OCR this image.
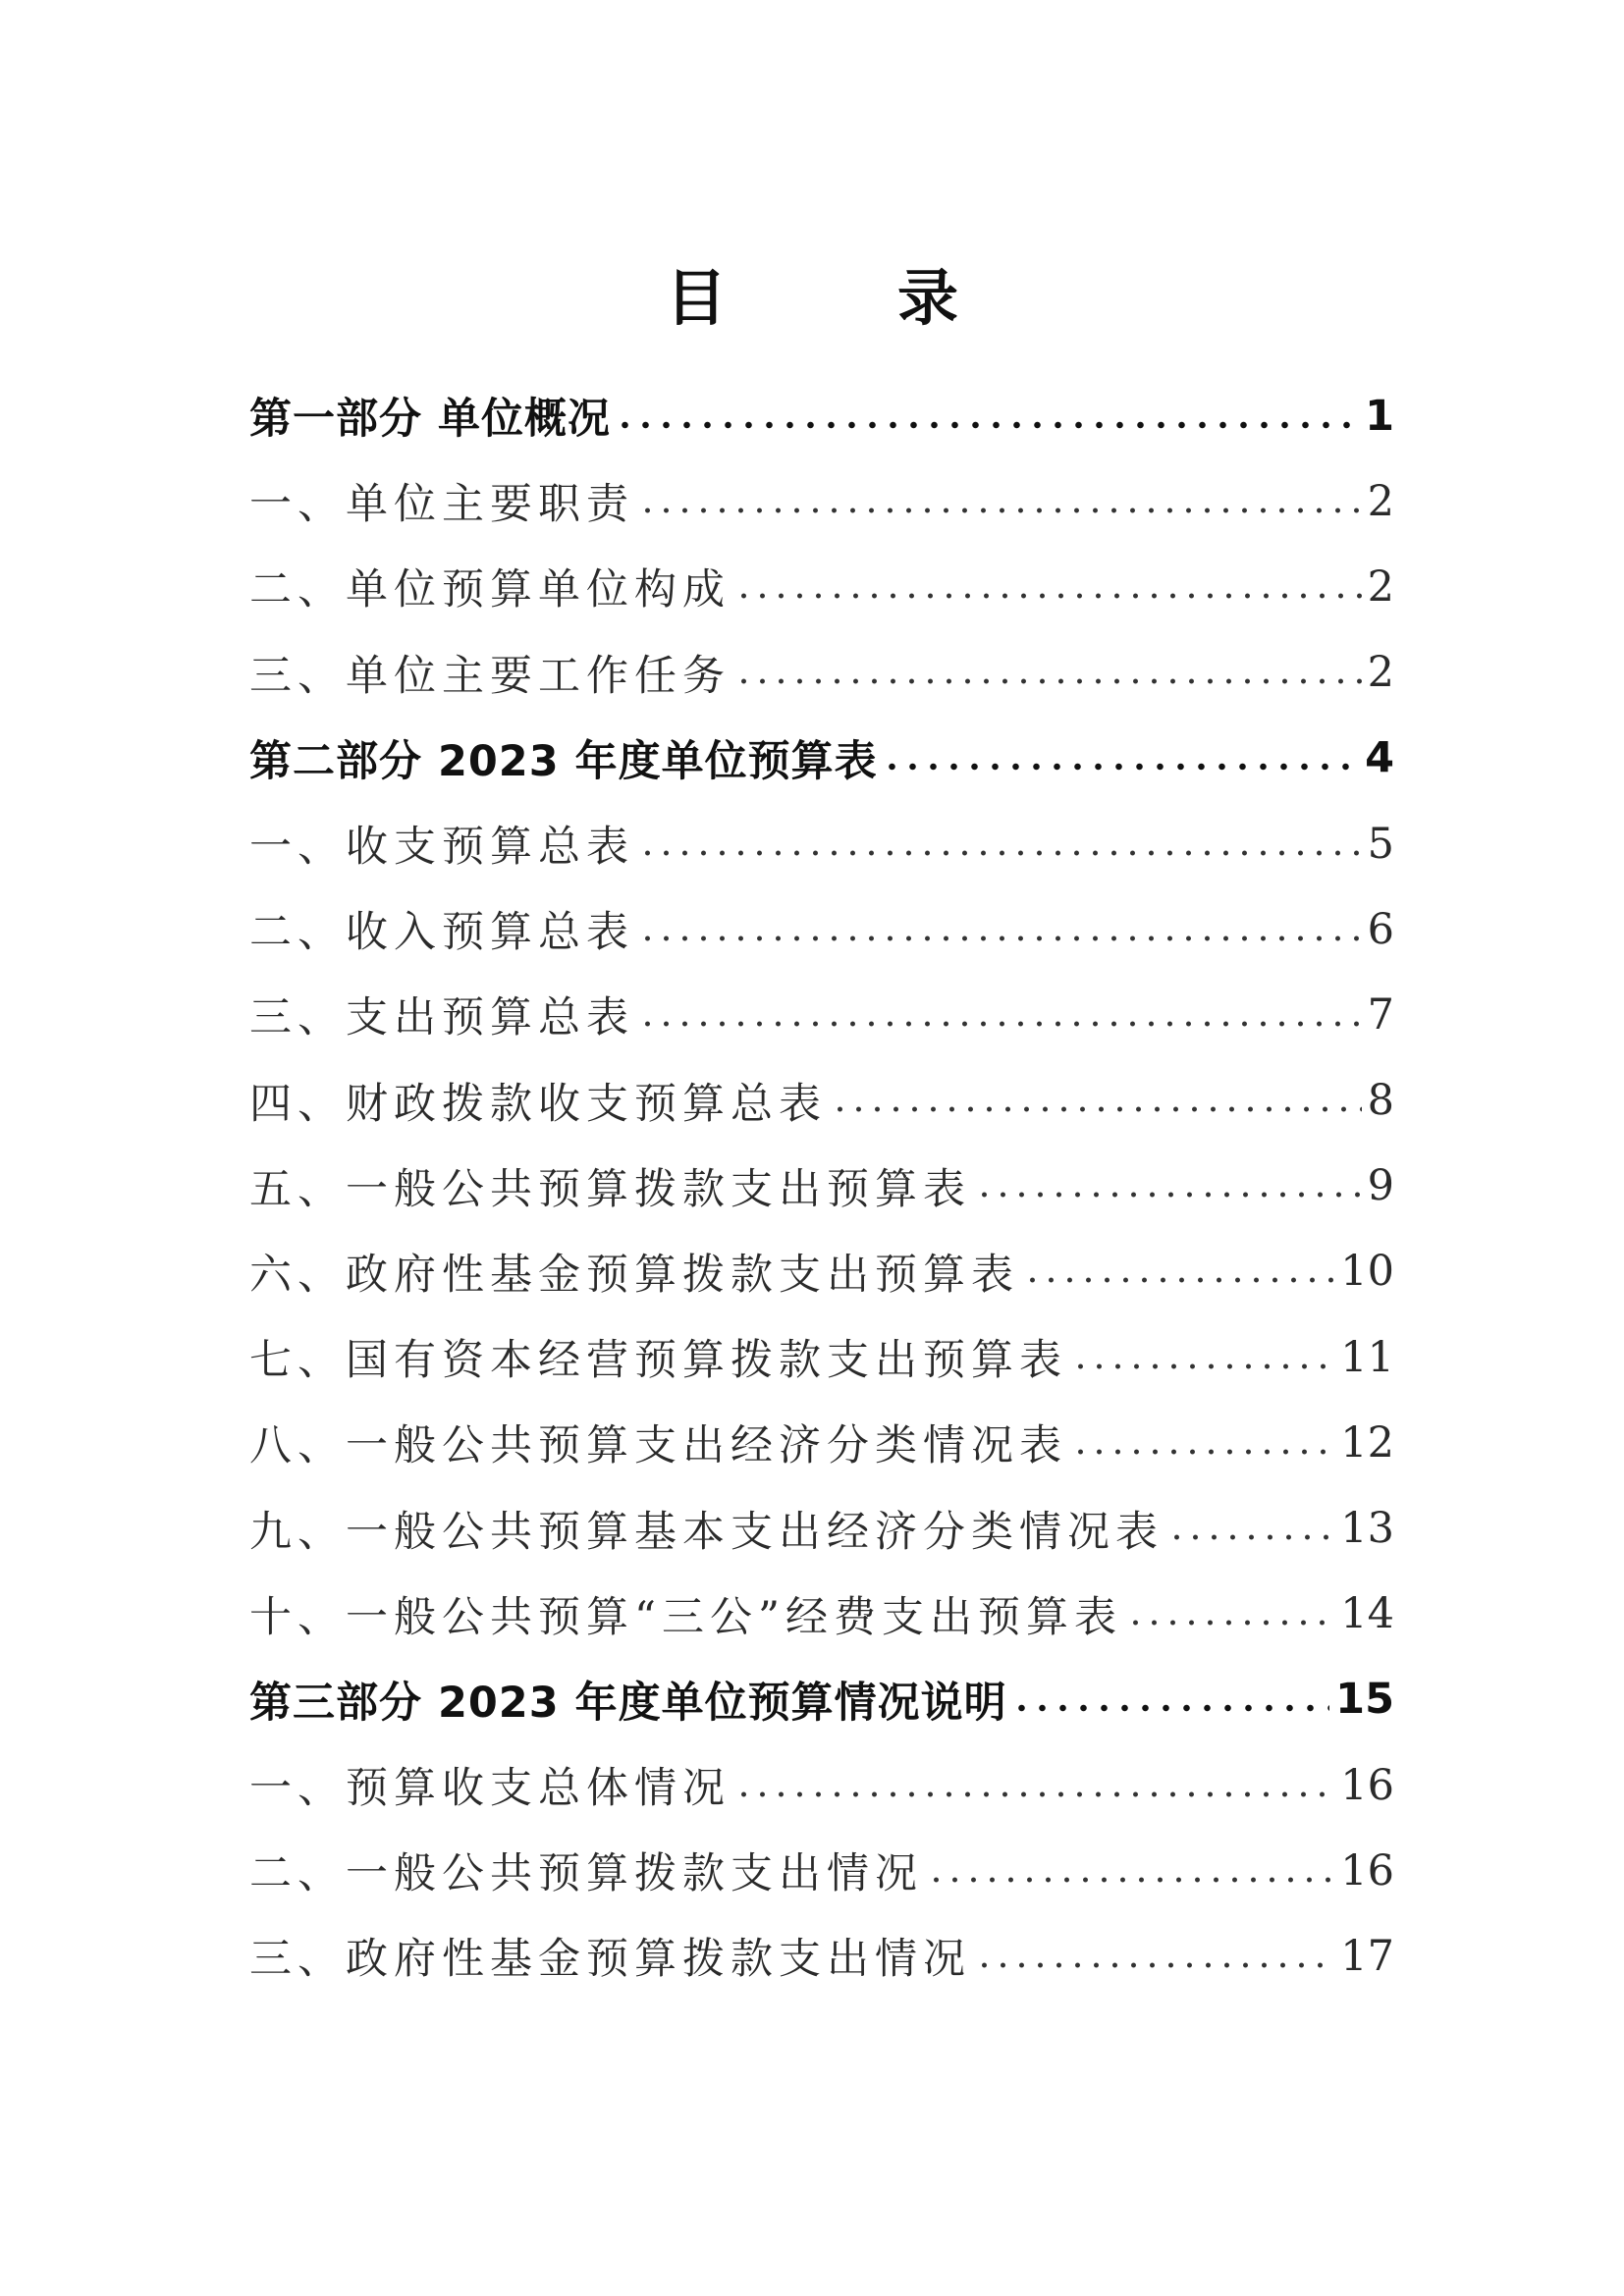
目　录
第一部分 单位概况	1
一、单位主要职责	2
二、单位预算单位构成	2
三、单位主要工作任务	2
第二部分 2023 年度单位预算表	4
一、收支预算总表	5
二、收入预算总表	6
三、支出预算总表	7
四、财政拨款收支预算总表	8
五、一般公共预算拨款支出预算表	9
六、政府性基金预算拨款支出预算表	10
七、国有资本经营预算拨款支出预算表	11
八、一般公共预算支出经济分类情况表	12
九、一般公共预算基本支出经济分类情况表	13
十、一般公共预算“三公”经费支出预算表	14
第三部分 2023 年度单位预算情况说明	15
一、预算收支总体情况	16
二、一般公共预算拨款支出情况	16
三、政府性基金预算拨款支出情况	17
